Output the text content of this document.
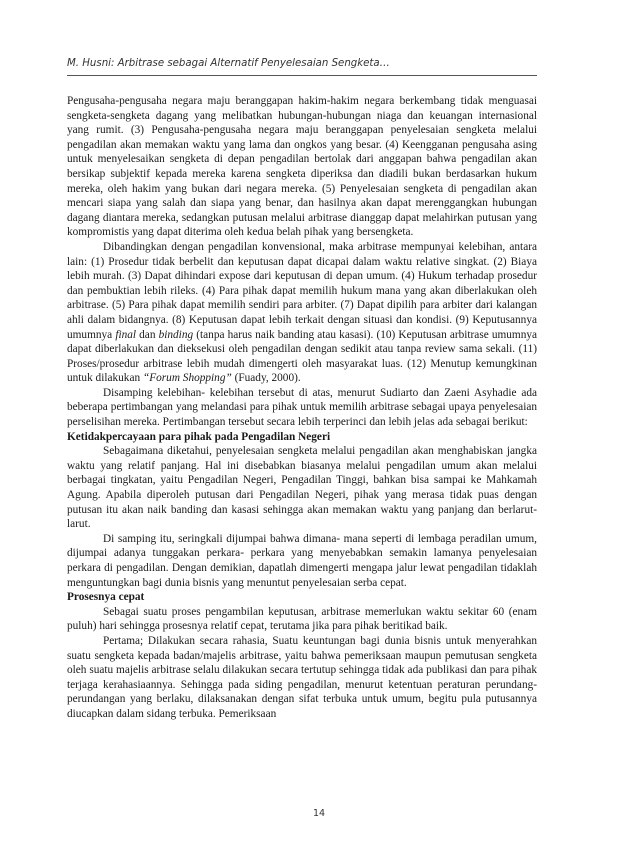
M. Husni: Arbitrase sebagai Alternatif Penyelesaian Sengketa…

Pengusaha-pengusaha negara maju beranggapan hakim-hakim negara berkembang tidak menguasai sengketa-sengketa dagang yang melibatkan hubungan-hubungan niaga dan keuangan internasional yang rumit. (3) Pengusaha-pengusaha negara maju beranggapan penyelesaian sengketa melalui pengadilan akan memakan waktu yang lama dan ongkos yang besar. (4) Keengganan pengusaha asing untuk menyelesaikan sengketa di depan pengadilan bertolak dari anggapan bahwa pengadilan akan bersikap subjektif kepada mereka karena sengketa diperiksa dan diadili bukan berdasarkan hukum mereka, oleh hakim yang bukan dari negara mereka. (5) Penyelesaian sengketa di pengadilan akan mencari siapa yang salah dan siapa yang benar, dan hasilnya akan dapat merenggangkan hubungan dagang diantara mereka, sedangkan putusan melalui arbitrase dianggap dapat melahirkan putusan yang kompromistis yang dapat diterima oleh kedua belah pihak yang bersengketa.

Dibandingkan dengan pengadilan konvensional, maka arbitrase mempunyai kelebihan, antara lain: (1) Prosedur tidak berbelit dan keputusan dapat dicapai dalam waktu relative singkat. (2) Biaya lebih murah. (3) Dapat dihindari expose dari keputusan di depan umum. (4) Hukum terhadap prosedur dan pembuktian lebih rileks. (4) Para pihak dapat memilih hukum mana yang akan diberlakukan oleh arbitrase. (5) Para pihak dapat memilih sendiri para arbiter. (7) Dapat dipilih para arbiter dari kalangan ahli dalam bidangnya. (8) Keputusan dapat lebih terkait dengan situasi dan kondisi. (9) Keputusannya umumnya final dan binding (tanpa harus naik banding atau kasasi). (10) Keputusan arbitrase umumnya dapat diberlakukan dan dieksekusi oleh pengadilan dengan sedikit atau tanpa review sama sekali. (11) Proses/prosedur arbitrase lebih mudah dimengerti oleh masyarakat luas. (12) Menutup kemungkinan untuk dilakukan “Forum Shopping” (Fuady, 2000).

Disamping kelebihan- kelebihan tersebut di atas, menurut Sudiarto dan Zaeni Asyhadie ada beberapa pertimbangan yang melandasi para pihak untuk memilih arbitrase sebagai upaya penyelesaian perselisihan mereka. Pertimbangan tersebut secara lebih terperinci dan lebih jelas ada sebagai berikut:

Ketidakpercayaan para pihak pada Pengadilan Negeri

Sebagaimana diketahui, penyelesaian sengketa melalui pengadilan akan menghabiskan jangka waktu yang relatif panjang. Hal ini disebabkan biasanya melalui pengadilan umum akan melalui berbagai tingkatan, yaitu Pengadilan Negeri, Pengadilan Tinggi, bahkan bisa sampai ke Mahkamah Agung. Apabila diperoleh putusan dari Pengadilan Negeri, pihak yang merasa tidak puas dengan putusan itu akan naik banding dan kasasi sehingga akan memakan waktu yang panjang dan berlarut-larut.

Di samping itu, seringkali dijumpai bahwa dimana- mana seperti di lembaga peradilan umum, dijumpai adanya tunggakan perkara- perkara yang menyebabkan semakin lamanya penyelesaian perkara di pengadilan. Dengan demikian, dapatlah dimengerti mengapa jalur lewat pengadilan tidaklah menguntungkan bagi dunia bisnis yang menuntut penyelesaian serba cepat.

Prosesnya cepat

Sebagai suatu proses pengambilan keputusan, arbitrase memerlukan waktu sekitar 60 (enam puluh) hari sehingga prosesnya relatif cepat, terutama jika para pihak beritikad baik.

Pertama; Dilakukan secara rahasia, Suatu keuntungan bagi dunia bisnis untuk menyerahkan suatu sengketa kepada badan/majelis arbitrase, yaitu bahwa pemeriksaan maupun pemutusan sengketa oleh suatu majelis arbitrase selalu dilakukan secara tertutup sehingga tidak ada publikasi dan para pihak terjaga kerahasiaannya. Sehingga pada siding pengadilan, menurut ketentuan peraturan perundang- perundangan yang berlaku, dilaksanakan dengan sifat terbuka untuk umum, begitu pula putusannya diucapkan dalam sidang terbuka. Pemeriksaan

14
